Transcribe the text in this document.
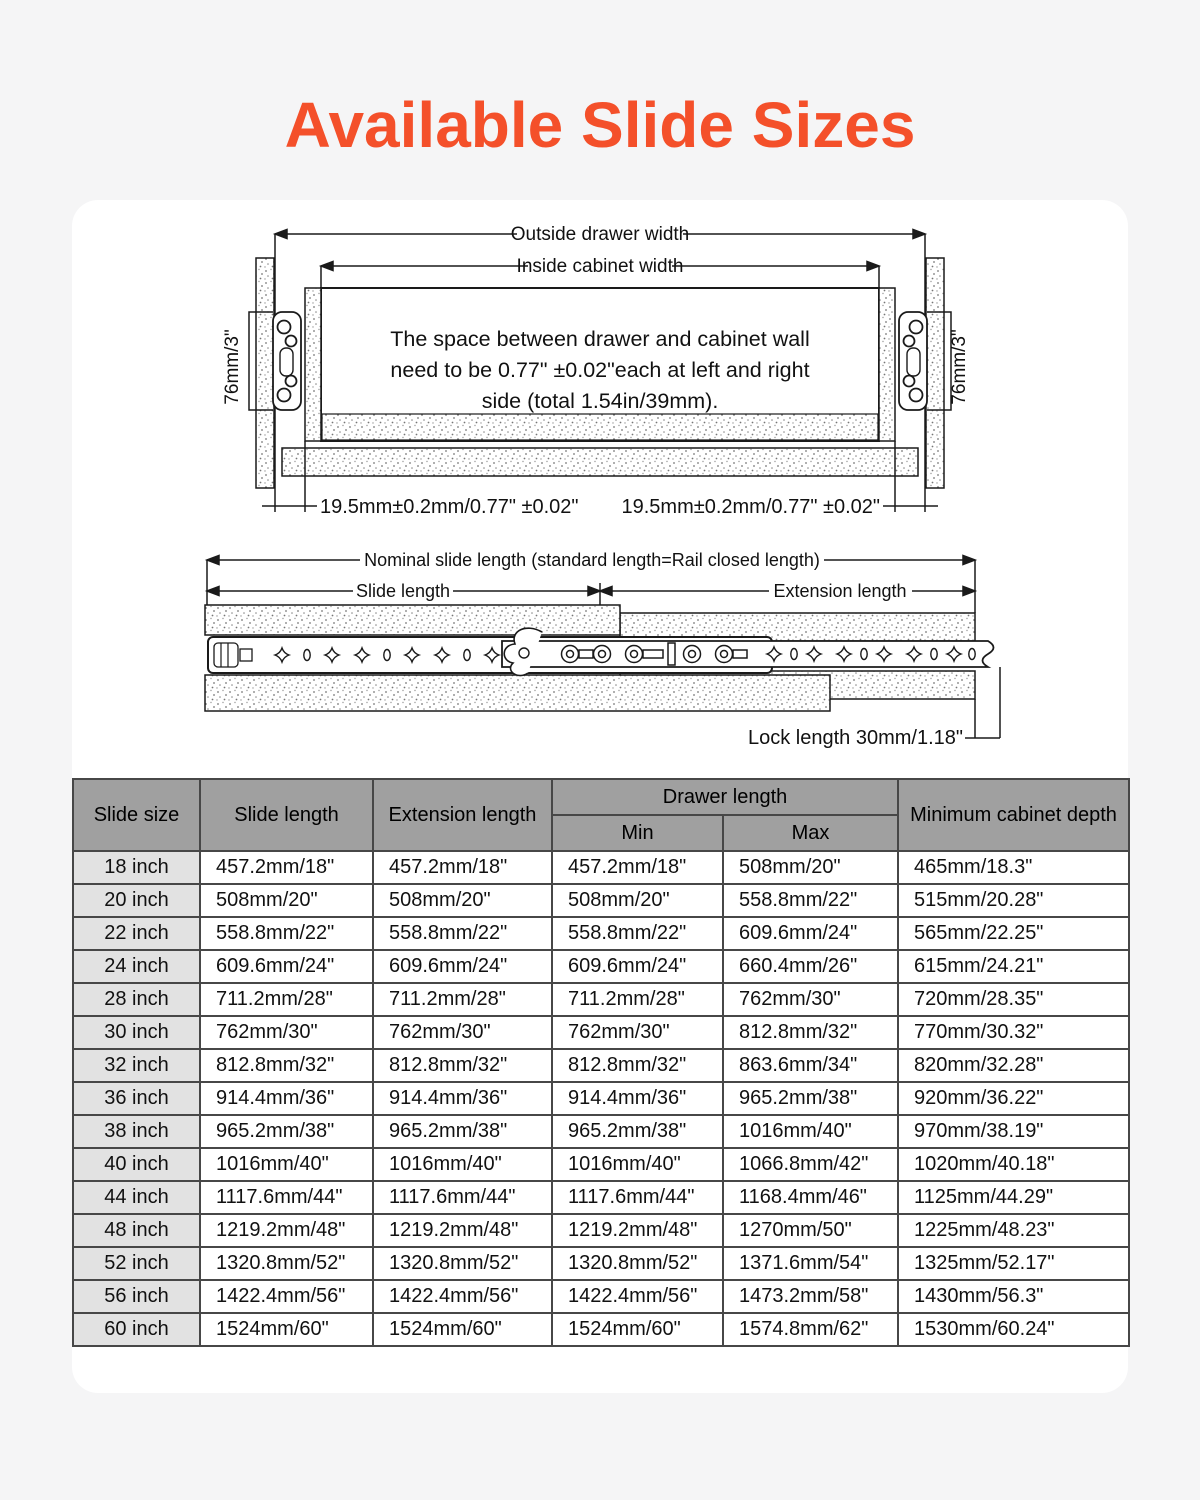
Available Slide Sizes
Outside drawer width
Inside cabinet width
The space between drawer and cabinet wall
need to be 0.77" ±0.02"each at left and right
side (total 1.54in/39mm).
76mm/3"	76mm/3"
19.5mm±0.2mm/0.77" ±0.02" 19.5mm±0.2mm/0.77" ±0.02"
Nominal slide length (standard length=Rail closed length)
Slide length	Extension length
Lock length 30mm/1.18"
Slide size	Slide length	Extension length	Drawer length		Minimum cabinet depth
			Min	Max	
18 inch	457.2mm/18"	457.2mm/18"	457.2mm/18"	508mm/20"	465mm/18.3"
20 inch	508mm/20"	508mm/20"	508mm/20"	558.8mm/22"	515mm/20.28"
22 inch	558.8mm/22"	558.8mm/22"	558.8mm/22"	609.6mm/24"	565mm/22.25"
24 inch	609.6mm/24"	609.6mm/24"	609.6mm/24"	660.4mm/26"	615mm/24.21"
28 inch	711.2mm/28"	711.2mm/28"	711.2mm/28"	762mm/30"	720mm/28.35"
30 inch	762mm/30"	762mm/30"	762mm/30"	812.8mm/32"	770mm/30.32"
32 inch	812.8mm/32"	812.8mm/32"	812.8mm/32"	863.6mm/34"	820mm/32.28"
36 inch	914.4mm/36"	914.4mm/36"	914.4mm/36"	965.2mm/38"	920mm/36.22"
38 inch	965.2mm/38"	965.2mm/38"	965.2mm/38"	1016mm/40"	970mm/38.19"
40 inch	1016mm/40"	1016mm/40"	1016mm/40"	1066.8mm/42"	1020mm/40.18"
44 inch	1117.6mm/44"	1117.6mm/44"	1117.6mm/44"	1168.4mm/46"	1125mm/44.29"
48 inch	1219.2mm/48"	1219.2mm/48"	1219.2mm/48"	1270mm/50"	1225mm/48.23"
52 inch	1320.8mm/52"	1320.8mm/52"	1320.8mm/52"	1371.6mm/54"	1325mm/52.17"
56 inch	1422.4mm/56"	1422.4mm/56"	1422.4mm/56"	1473.2mm/58"	1430mm/56.3"
60 inch	1524mm/60"	1524mm/60"	1524mm/60"	1574.8mm/62"	1530mm/60.24"
